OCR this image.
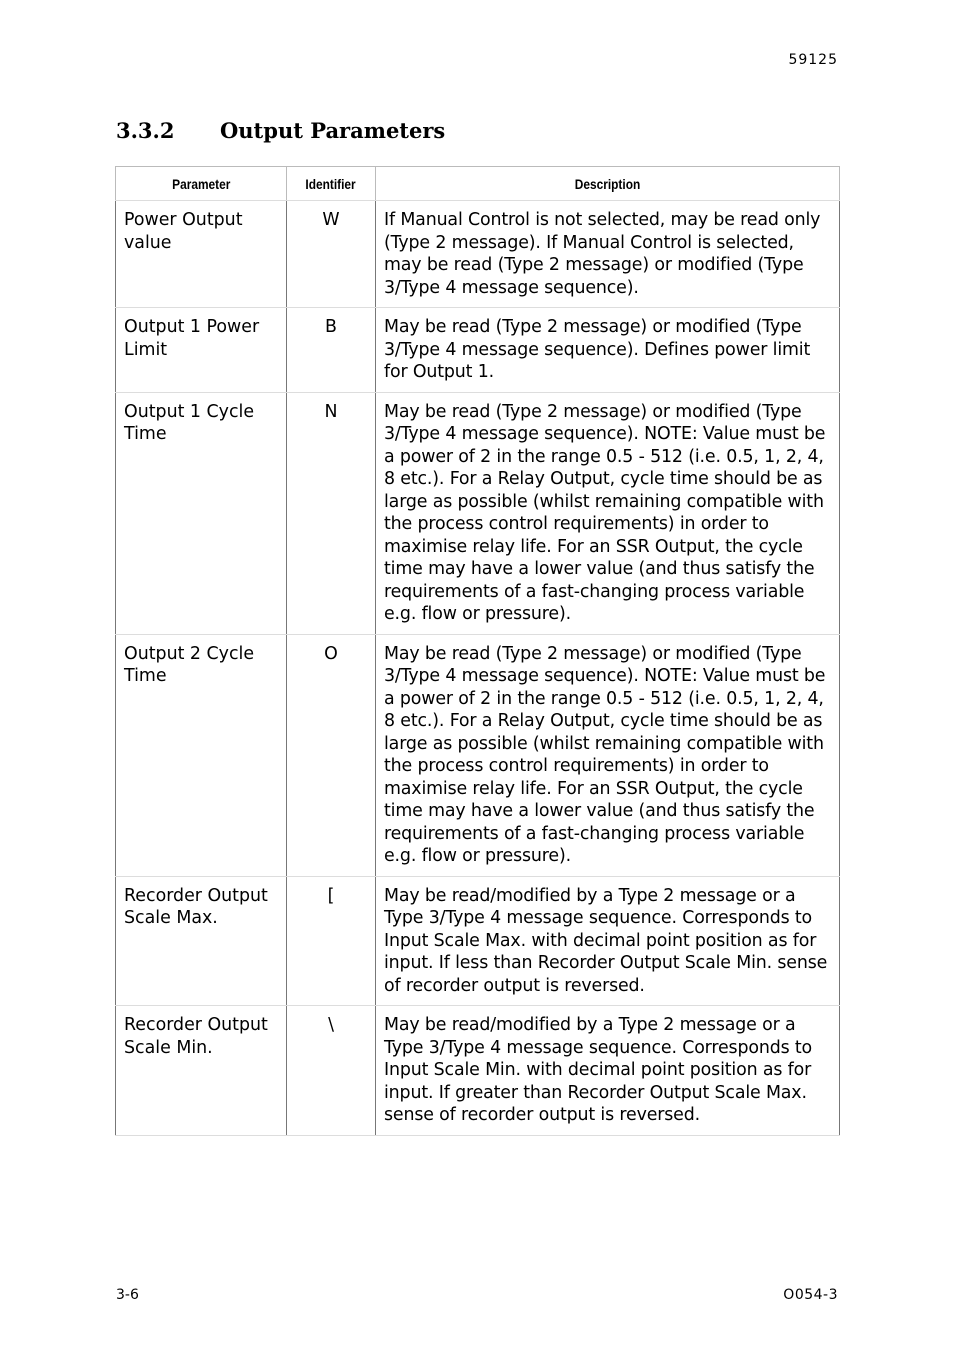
59125
3.3.2	Output Parameters
Parameter	Identifier	Description
Power Output value	W	If Manual Control is not selected, may be read only (Type 2 message). If Manual Control is selected, may be read (Type 2 message) or modified (Type 3/Type 4 message sequence).
Output 1 Power Limit	B	May be read (Type 2 message) or modified (Type 3/Type 4 message sequence). Defines power limit for Output 1.
Output 1 Cycle Time	N	May be read (Type 2 message) or modified (Type 3/Type 4 message sequence). NOTE: Value must be a power of 2 in the range 0.5 - 512 (i.e. 0.5, 1, 2, 4, 8 etc.). For a Relay Output, cycle time should be as large as possible (whilst remaining compatible with the process control requirements) in order to maximise relay life. For an SSR Output, the cycle time may have a lower value (and thus satisfy the requirements of a fast-changing process variable e.g. flow or pressure).
Output 2 Cycle Time	O	May be read (Type 2 message) or modified (Type 3/Type 4 message sequence). NOTE: Value must be a power of 2 in the range 0.5 - 512 (i.e. 0.5, 1, 2, 4, 8 etc.). For a Relay Output, cycle time should be as large as possible (whilst remaining compatible with the process control requirements) in order to maximise relay life. For an SSR Output, the cycle time may have a lower value (and thus satisfy the requirements of a fast-changing process variable e.g. flow or pressure).
Recorder Output Scale Max.	[	May be read/modified by a Type 2 message or a Type 3/Type 4 message sequence. Corresponds to Input Scale Max. with decimal point position as for input. If less than Recorder Output Scale Min. sense of recorder output is reversed.
Recorder Output Scale Min.	\	May be read/modified by a Type 2 message or a Type 3/Type 4 message sequence. Corresponds to Input Scale Min. with decimal point position as for input. If greater than Recorder Output Scale Max. sense of recorder output is reversed.
3-6	O054-3
